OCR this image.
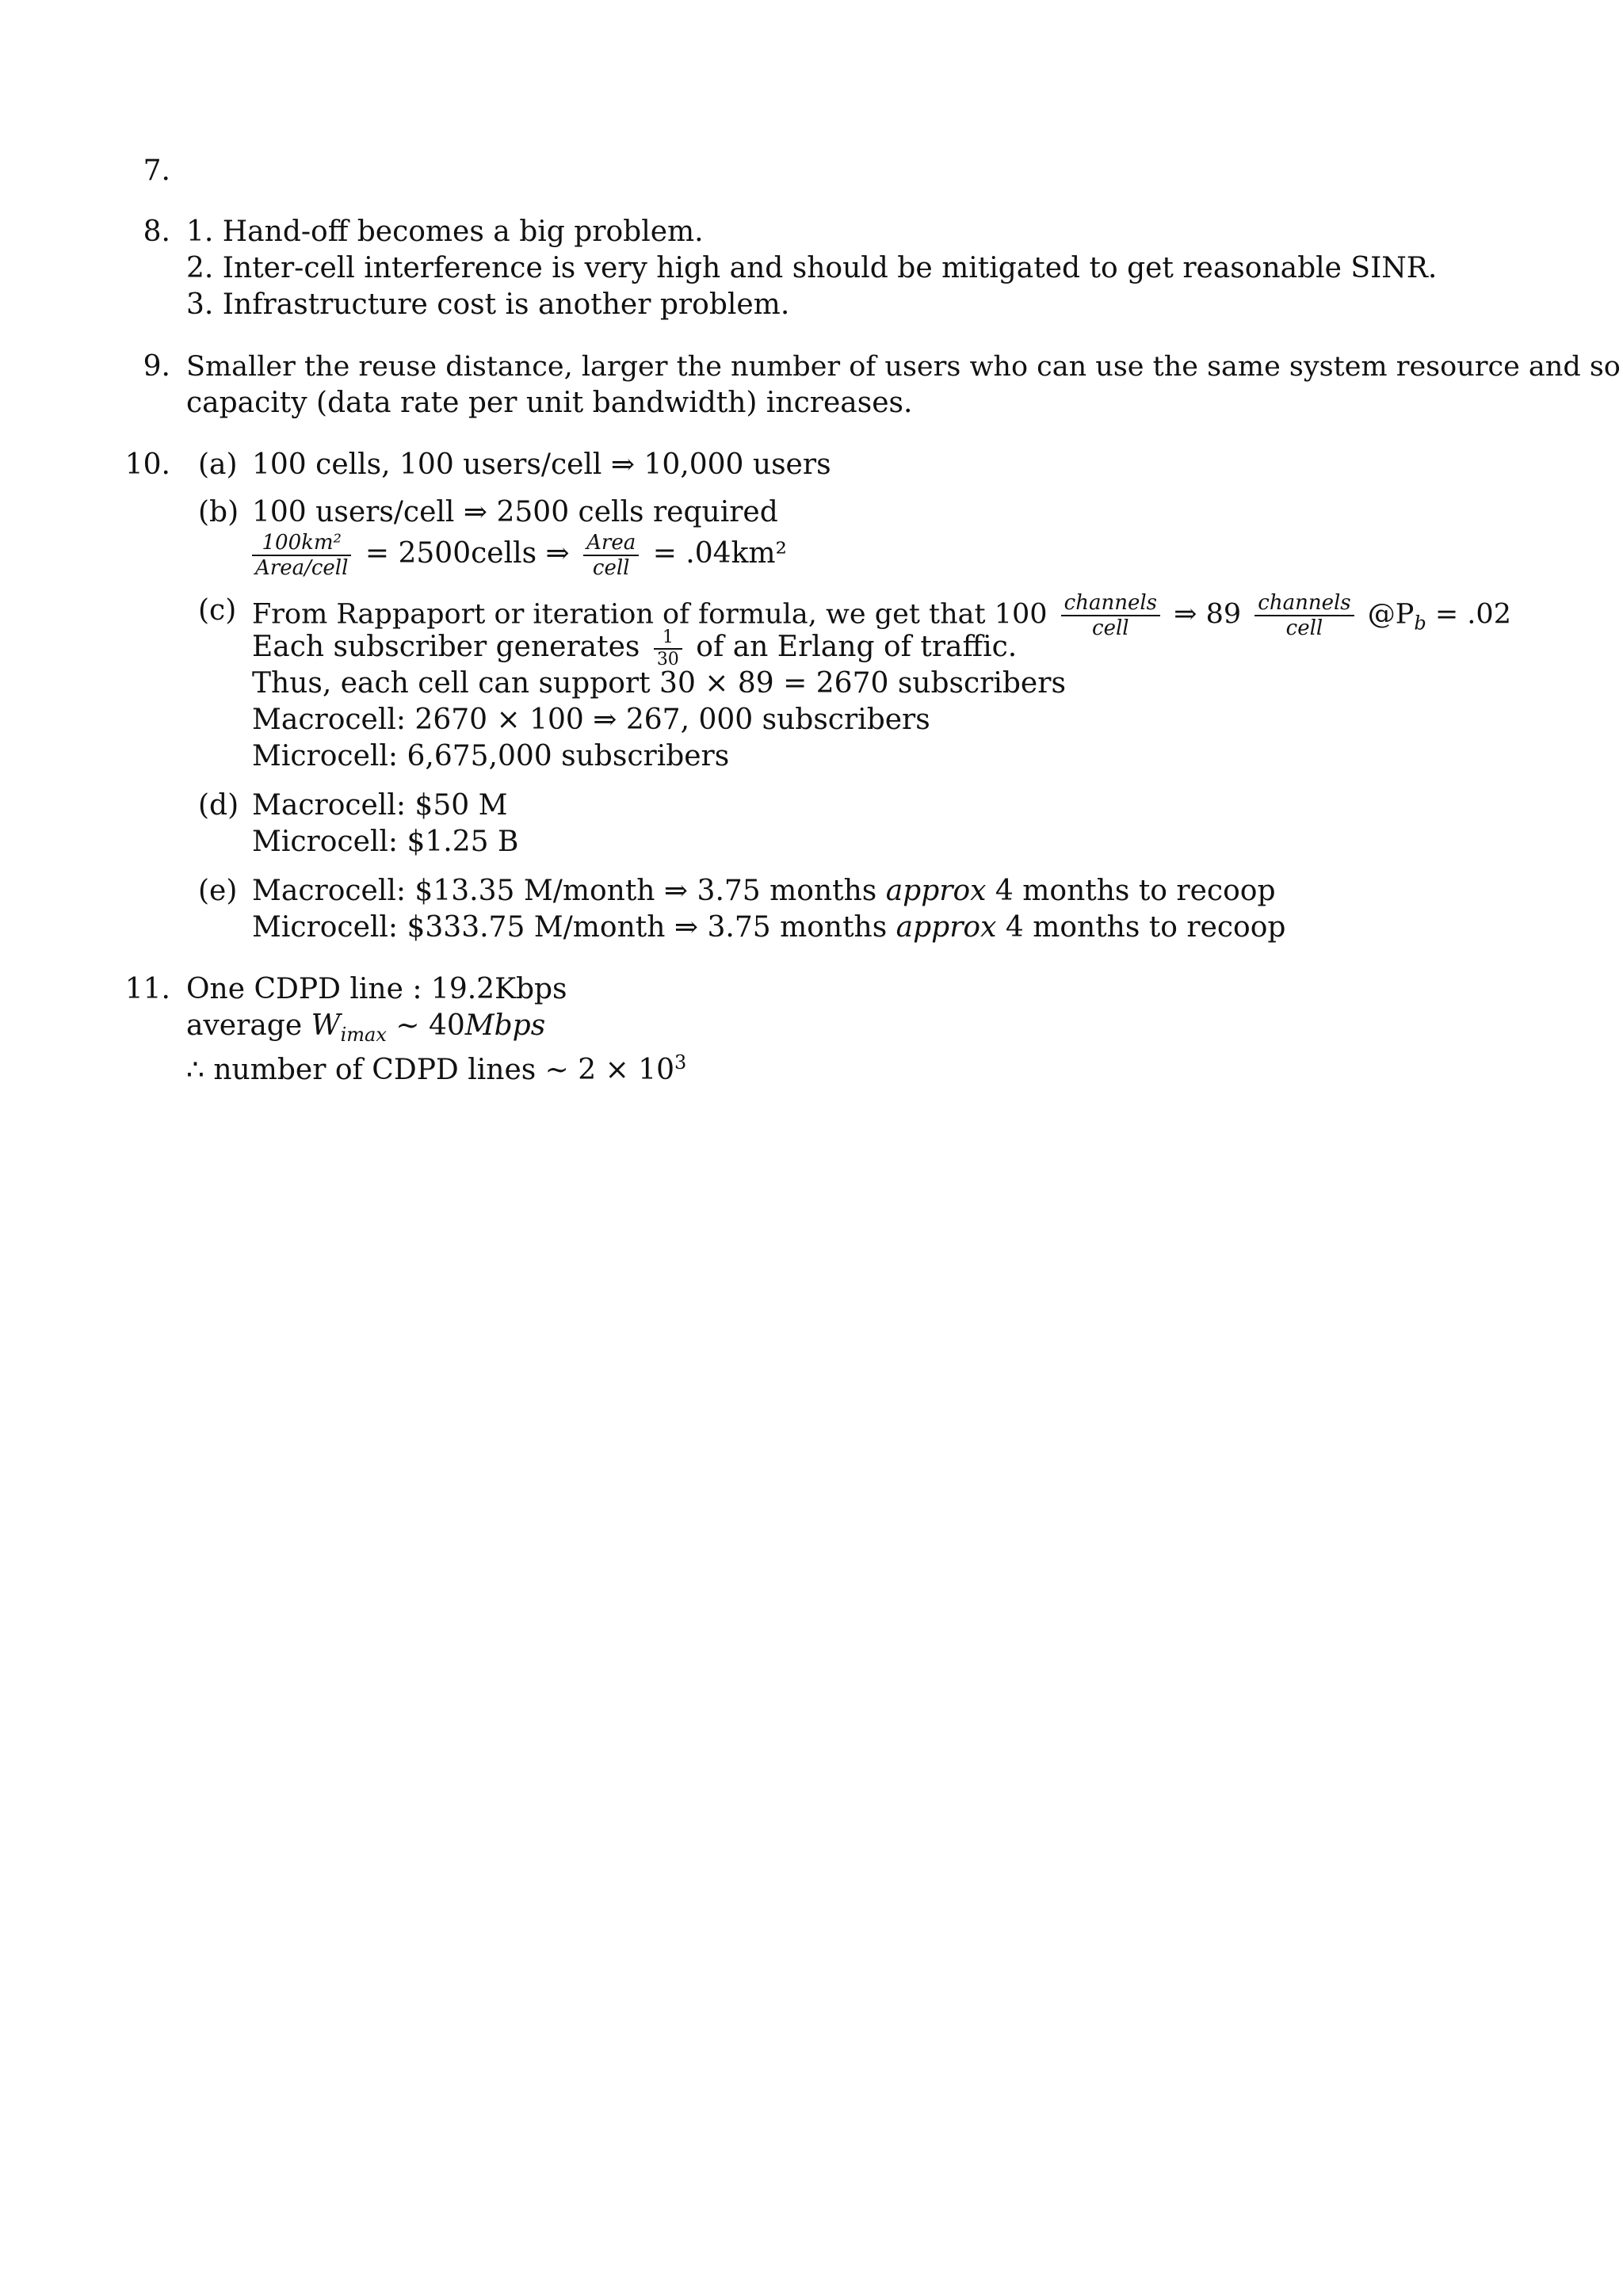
7.
8. 1. Hand-off becomes a big problem.
2. Inter-cell interference is very high and should be mitigated to get reasonable SINR.
3. Infrastructure cost is another problem.
9. Smaller the reuse distance, larger the number of users who can use the same system resource and so
capacity (data rate per unit bandwidth) increases.
10. (a) 100 cells, 100 users/cell ⇒ 10,000 users
(b) 100 users/cell ⇒ 2500 cells required
$\frac{\text{100km²}}{\text{Area/cell}}$ = 2500cells ⇒ $\frac{\text{Area}}{\text{cell}} = .04km^2$
(c) From Rappaport or iteration of formula, we get that $100 \frac{\text{channels}}{\text{cell}}$ ⇒ $89 \frac{\text{channels}}{\text{cell}}$ $@P_b = .02$
Each subscriber generates $\frac{1}{30}$ of an Erlang of traffic.
Thus, each cell can support 30 × 89 = 2670 subscribers
Macrocell: 2670 × 100 ⇒ 267, 000 subscribers
Microcell: 6,675,000 subscribers
(d) Macrocell: $50 M
Microcell: $1.25 B
(e) Macrocell: $13.35 M/month ⇒ 3.75 months approx 4 months to recoop
Microcell: $333.75 M/month ⇒ 3.75 months approx 4 months to recoop
11. One CDPD line : 19.2Kbps
average $W_{imax}$ ∼ 40Mbps
∴ number of CDPD lines ∼ $2 \times 10^3$
